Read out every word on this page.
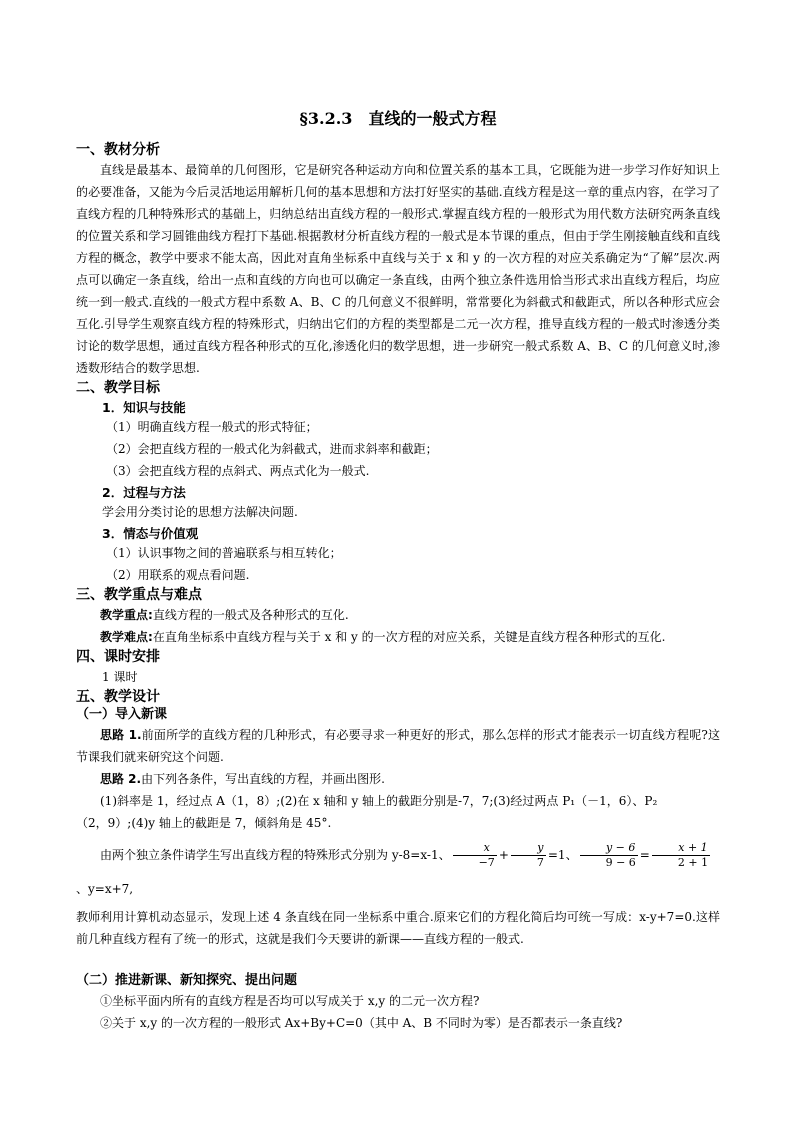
§3.2.3　直线的一般式方程
一、教材分析

直线是最基本、最简单的几何图形，它是研究各种运动方向和位置关系的基本工具，它既能为进一步学习作好知识上的必要准备，又能为今后灵活地运用解析几何的基本思想和方法打好坚实的基础.直线方程是这一章的重点内容，在学习了直线方程的几种特殊形式的基础上，归纳总结出直线方程的一般形式.掌握直线方程的一般形式为用代数方法研究两条直线的位置关系和学习圆锥曲线方程打下基础.根据教材分析直线方程的一般式是本节课的重点，但由于学生刚接触直线和直线方程的概念，教学中要求不能太高，因此对直角坐标系中直线与关于 x 和 y 的一次方程的对应关系确定为“了解”层次.两点可以确定一条直线，给出一点和直线的方向也可以确定一条直线，由两个独立条件选用恰当形式求出直线方程后，均应统一到一般式.直线的一般式方程中系数 A、B、C 的几何意义不很鲜明，常常要化为斜截式和截距式，所以各种形式应会互化.引导学生观察直线方程的特殊形式，归纳出它们的方程的类型都是二元一次方程，推导直线方程的一般式时渗透分类讨论的数学思想，通过直线方程各种形式的互化,渗透化归的数学思想，进一步研究一般式系数 A、B、C 的几何意义时,渗透数形结合的数学思想.

二、教学目标
1．知识与技能

（1）明确直线方程一般式的形式特征；

（2）会把直线方程的一般式化为斜截式，进而求斜率和截距；

（3）会把直线方程的点斜式、两点式化为一般式.

2．过程与方法

学会用分类讨论的思想方法解决问题.

3．情态与价值观

（1）认识事物之间的普遍联系与相互转化；

（2）用联系的观点看问题.

三、教学重点与难点

教学重点:直线方程的一般式及各种形式的互化.

教学难点:在直角坐标系中直线方程与关于 x 和 y 的一次方程的对应关系，关键是直线方程各种形式的互化.

四、课时安排

1 课时

五、教学设计
（一）导入新课

思路 1.前面所学的直线方程的几种形式，有必要寻求一种更好的形式，那么怎样的形式才能表示一切直线方程呢?这节课我们就来研究这个问题.

思路 2.由下列各条件，写出直线的方程，并画出图形.

(1)斜率是 1，经过点 A（1，8）;(2)在 x 轴和 y 轴上的截距分别是-7，7;(3)经过两点 P₁（－1，6）、P₂

（2，9）;(4)y 轴上的截距是 7，倾斜角是 45°.

由两个独立条件请学生写出直线方程的特殊形式分别为 y-8=x-1、 $\frac{x}{-7} + \frac{y}{7} =1$、 $\frac{y - 6}{9 - 6} = \frac{x + 1}{2 + 1}$
、y=x+7,

教师利用计算机动态显示，发现上述 4 条直线在同一坐标系中重合.原来它们的方程化简后均可统一写成：x-y+7=0.这样前几种直线方程有了统一的形式，这就是我们今天要讲的新课——直线方程的一般式.

（二）推进新课、新知探究、提出问题

①坐标平面内所有的直线方程是否均可以写成关于 x,y 的二元一次方程?

②关于 x,y 的一次方程的一般形式 Ax+By+C=0（其中 A、B 不同时为零）是否都表示一条直线?
